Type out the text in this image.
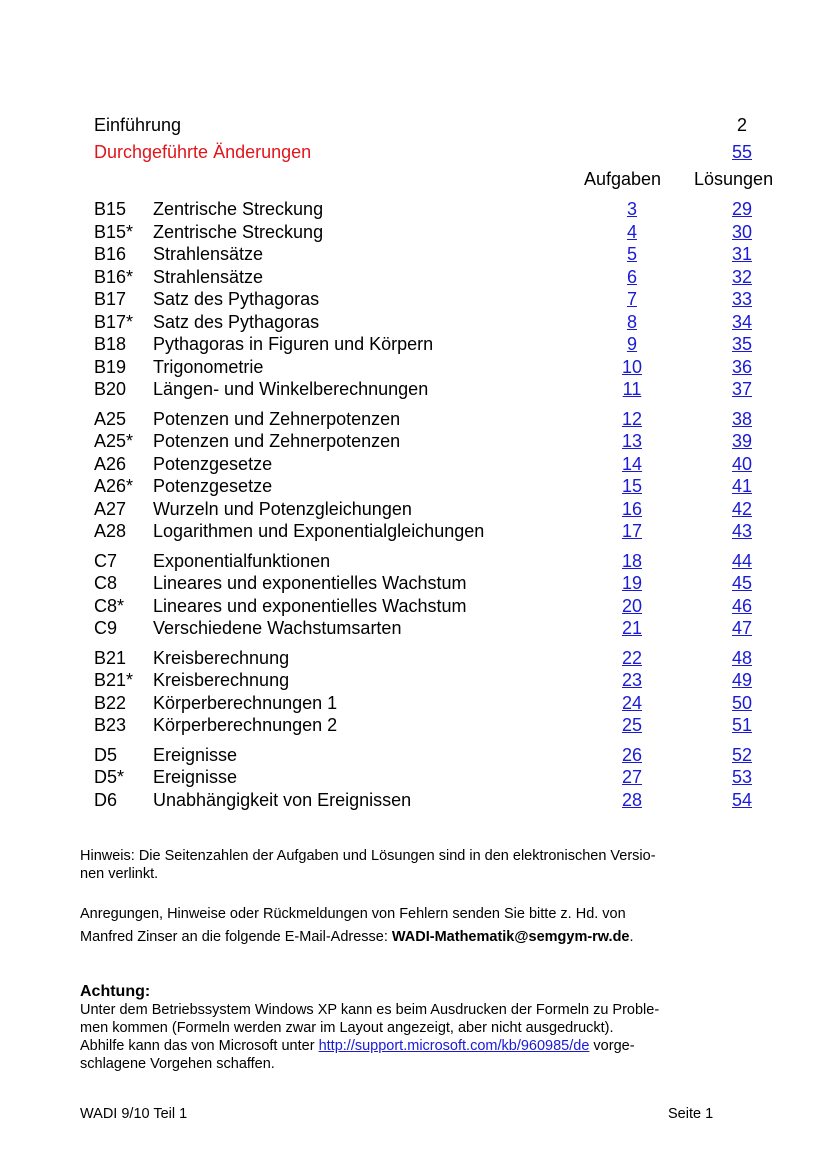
Einführung	2
Durchgeführte Änderungen	55
Aufgaben Lösungen
B15 Zentrische Streckung	3	29
B15* Zentrische Streckung	4	30
B16 Strahlensätze	5	31
B16* Strahlensätze	6	32
B17 Satz des Pythagoras	7	33
B17* Satz des Pythagoras	8	34
B18 Pythagoras in Figuren und Körpern	9	35
B19 Trigonometrie	10	36
B20 Längen- und Winkelberechnungen	11	37
A25 Potenzen und Zehnerpotenzen	12	38
A25* Potenzen und Zehnerpotenzen	13	39
A26 Potenzgesetze	14	40
A26* Potenzgesetze	15	41
A27 Wurzeln und Potenzgleichungen	16	42
A28 Logarithmen und Exponentialgleichungen	17	43
C7 Exponentialfunktionen	18	44
C8 Lineares und exponentielles Wachstum	19	45
C8* Lineares und exponentielles Wachstum	20	46
C9 Verschiedene Wachstumsarten	21	47
B21 Kreisberechnung	22	48
B21* Kreisberechnung	23	49
B22 Körperberechnungen 1	24	50
B23 Körperberechnungen 2	25	51
D5 Ereignisse	26	52
D5* Ereignisse	27	53
D6 Unabhängigkeit von Ereignissen	28	54
Hinweis: Die Seitenzahlen der Aufgaben und Lösungen sind in den elektronischen Versio-
nen verlinkt.
Anregungen, Hinweise oder Rückmeldungen von Fehlern senden Sie bitte z. Hd. von
Manfred Zinser an die folgende E-Mail-Adresse: WADI-Mathematik@semgym-rw.de.
Achtung:
Unter dem Betriebssystem Windows XP kann es beim Ausdrucken der Formeln zu Proble-
men kommen (Formeln werden zwar im Layout angezeigt, aber nicht ausgedruckt).
Abhilfe kann das von Microsoft unter http://support.microsoft.com/kb/960985/de vorge-
schlagene Vorgehen schaffen.
WADI 9/10 Teil 1	Seite 1
